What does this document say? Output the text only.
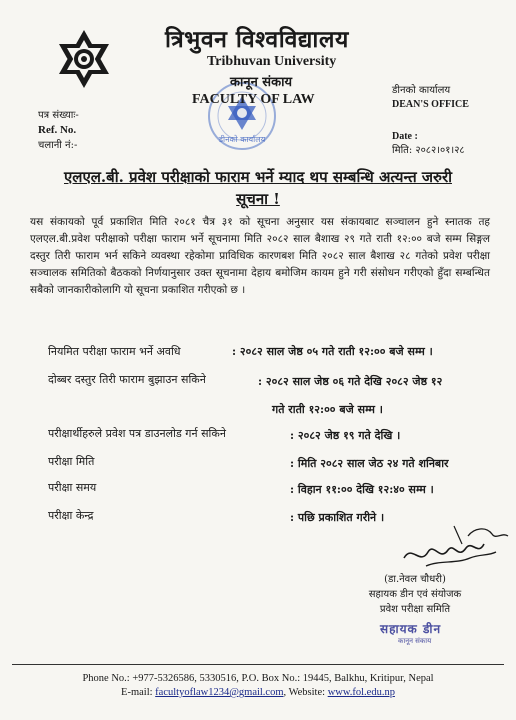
त्रिभुवन विश्वविद्यालय
Tribhuvan University
डीनको कार्यालय
कानून संकाय
FACULTY OF LAW
पत्र संख्याः-
Ref. No.
चलानी नं:-
डीनको कार्यालय
DEAN'S OFFICE
Date :
मिति: २०८२।०१।२८
एलएल.बी. प्रवेश परीक्षाको फाराम भर्ने म्याद थप सम्बन्धि अत्यन्त जरुरी
सूचना !
यस संकायको पूर्व प्रकाशित मिति २०८१ चैत्र ३१ को सूचना अनुसार यस संकायबाट सञ्चालन हुने स्नातक तह एलएल.बी.प्रवेश परीक्षाको परीक्षा फाराम भर्ने सूचनामा मिति २०८२ साल बैशाख २९ गते राती १२:०० बजे सम्म सिङ्गल दस्तुर तिरी फाराम भर्न सकिने व्यवस्था रहेकोमा प्राविधिक कारणबश मिति २०८२ साल बैशाख २८ गतेको प्रवेश परीक्षा सञ्चालक समितिको बैठकको निर्णयानुसार उक्त सूचनामा देहाय बमोजिम कायम हुने गरी संसोधन गरीएको हुँदा सम्बन्धित सबैको जानकारीकोलागि यो सूचना प्रकाशित गरीएको छ ।
नियमित परीक्षा फाराम भर्ने अवधि	: २०८२ साल जेष्ठ ०५ गते राती १२:०० बजे सम्म ।
दोब्बर दस्तुर तिरी फाराम बुझाउन सकिने	: २०८२ साल जेष्ठ ०६ गते देखि २०८२ जेष्ठ १२
गते राती १२:०० बजे सम्म ।
परीक्षार्थीहरुले प्रवेश पत्र डाउनलोड गर्न सकिने	: २०८२ जेष्ठ १९ गते देखि ।
परीक्षा मिति	: मिति २०८२ साल जेठ २४ गते शनिबार
परीक्षा समय	: विहान ११:०० देखि १२:४० सम्म ।
परीक्षा केन्द्र	: पछि प्रकाशित गरीने ।
(डा.नेवल चौधरी)
सहायक डीन एवं संयोजक
प्रवेश परीक्षा समिति
सहायक डीन
कानून संकाय
Phone No.: +977-5326586, 5330516, P.O. Box No.: 19445, Balkhu, Kritipur, Nepal
E-mail: facultyoflaw1234@gmail.com, Website: www.fol.edu.np
